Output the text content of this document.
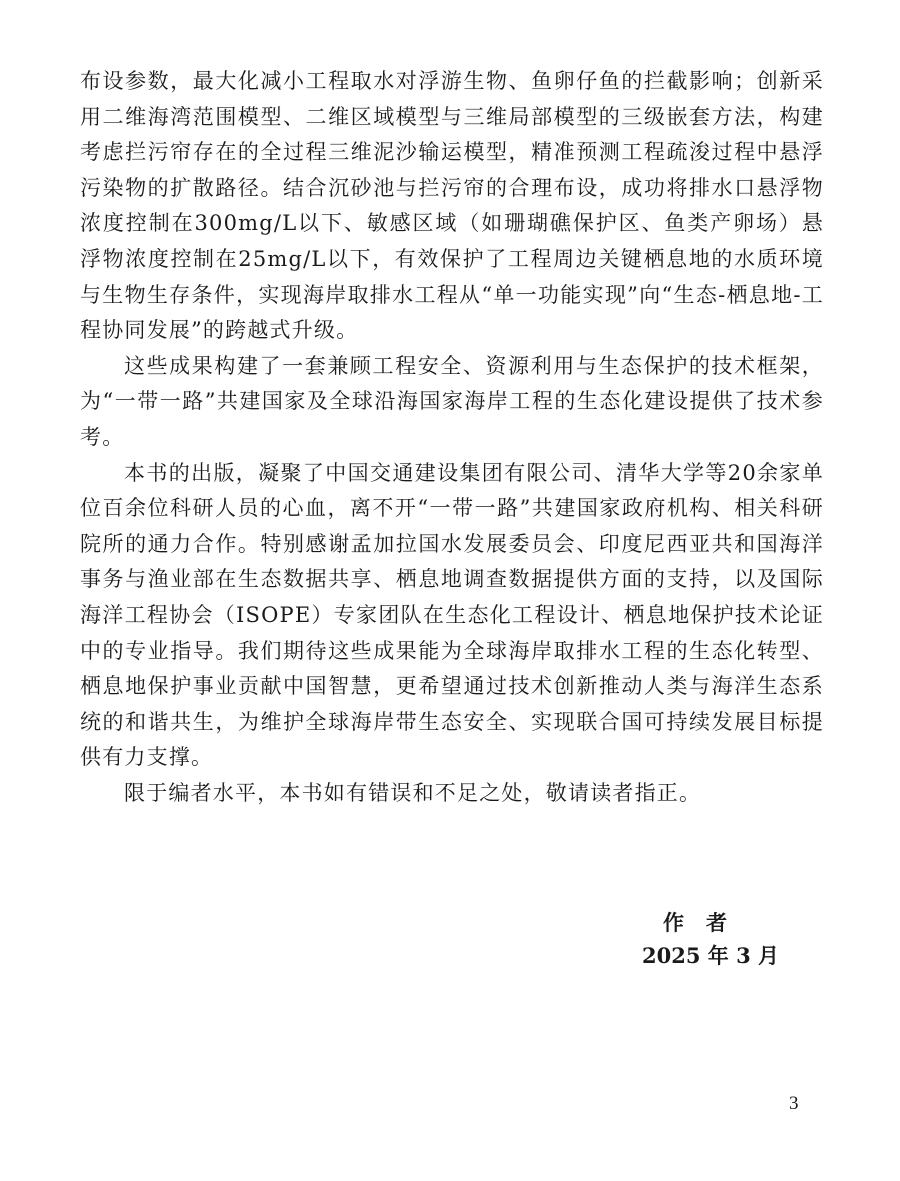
布设参数，最大化减小工程取水对浮游生物、鱼卵仔鱼的拦截影响；创新采用二维海湾范围模型、二维区域模型与三维局部模型的三级嵌套方法，构建考虑拦污帘存在的全过程三维泥沙输运模型，精准预测工程疏浚过程中悬浮污染物的扩散路径。结合沉砂池与拦污帘的合理布设，成功将排水口悬浮物浓度控制在300mg/L以下、敏感区域（如珊瑚礁保护区、鱼类产卵场）悬浮物浓度控制在25mg/L以下，有效保护了工程周边关键栖息地的水质环境与生物生存条件，实现海岸取排水工程从“单一功能实现”向“生态-栖息地-工程协同发展”的跨越式升级。

这些成果构建了一套兼顾工程安全、资源利用与生态保护的技术框架，为“一带一路”共建国家及全球沿海国家海岸工程的生态化建设提供了技术参考。

本书的出版，凝聚了中国交通建设集团有限公司、清华大学等20余家单位百余位科研人员的心血，离不开“一带一路”共建国家政府机构、相关科研院所的通力合作。特别感谢孟加拉国水发展委员会、印度尼西亚共和国海洋事务与渔业部在生态数据共享、栖息地调查数据提供方面的支持，以及国际海洋工程协会（ISOPE）专家团队在生态化工程设计、栖息地保护技术论证中的专业指导。我们期待这些成果能为全球海岸取排水工程的生态化转型、栖息地保护事业贡献中国智慧，更希望通过技术创新推动人类与海洋生态系统的和谐共生，为维护全球海岸带生态安全、实现联合国可持续发展目标提供有力支撑。

限于编者水平，本书如有错误和不足之处，敬请读者指正。

作者
2025 年 3 月
3
